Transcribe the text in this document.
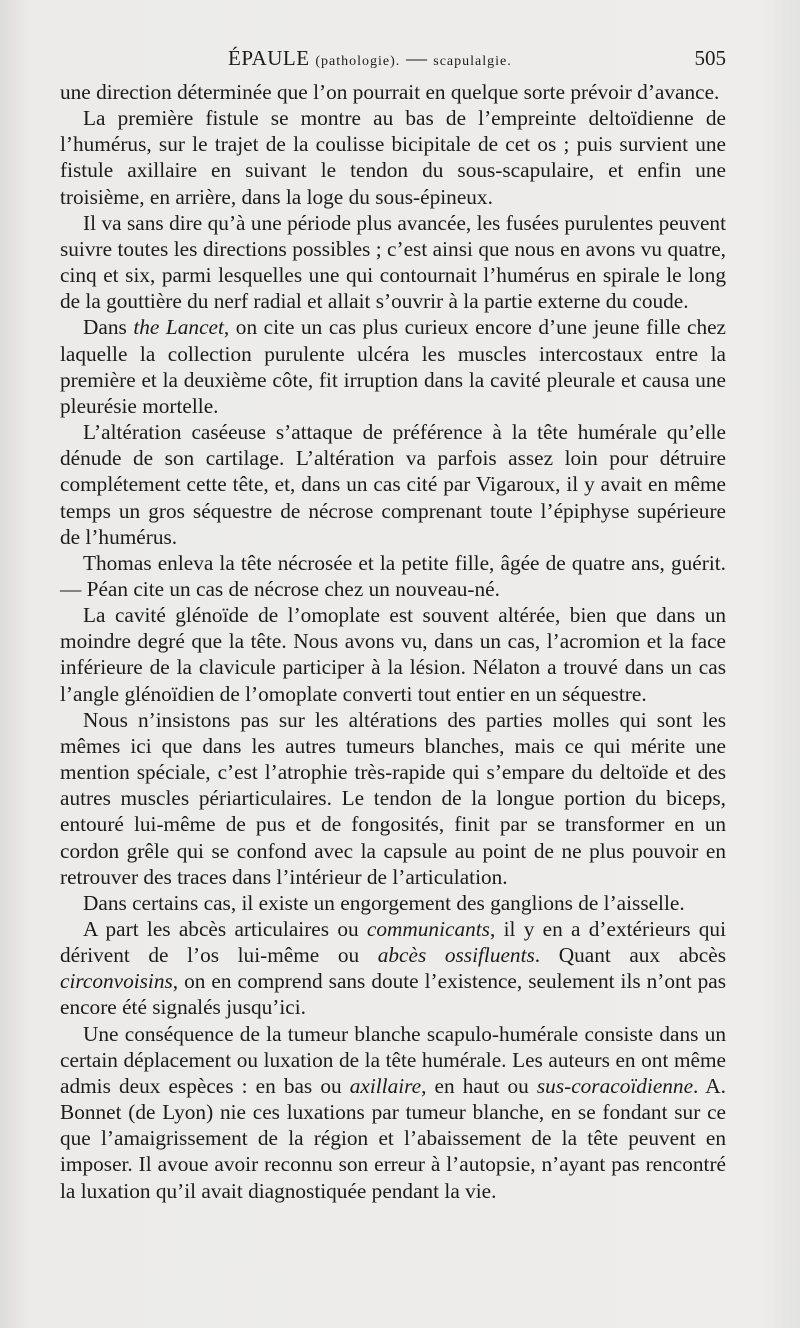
ÉPAULE (pathologie). — scapulalgie.	505

une direction déterminée que l’on pourrait en quelque sorte prévoir d’avance.

La première fistule se montre au bas de l’empreinte deltoïdienne de l’humérus, sur le trajet de la coulisse bicipitale de cet os ; puis survient une fistule axillaire en suivant le tendon du sous-scapulaire, et enfin une troisième, en arrière, dans la loge du sous-épineux.

Il va sans dire qu’à une période plus avancée, les fusées purulentes peuvent suivre toutes les directions possibles ; c’est ainsi que nous en avons vu quatre, cinq et six, parmi lesquelles une qui contournait l’humérus en spirale le long de la gouttière du nerf radial et allait s’ouvrir à la partie externe du coude.

Dans the Lancet, on cite un cas plus curieux encore d’une jeune fille chez laquelle la collection purulente ulcéra les muscles intercostaux entre la première et la deuxième côte, fit irruption dans la cavité pleurale et causa une pleurésie mortelle.

L’altération caséeuse s’attaque de préférence à la tête humérale qu’elle dénude de son cartilage. L’altération va parfois assez loin pour détruire complétement cette tête, et, dans un cas cité par Vigaroux, il y avait en même temps un gros séquestre de nécrose comprenant toute l’épiphyse supérieure de l’humérus.

Thomas enleva la tête nécrosée et la petite fille, âgée de quatre ans, guérit. — Péan cite un cas de nécrose chez un nouveau-né.

La cavité glénoïde de l’omoplate est souvent altérée, bien que dans un moindre degré que la tête. Nous avons vu, dans un cas, l’acromion et la face inférieure de la clavicule participer à la lésion. Nélaton a trouvé dans un cas l’angle glénoïdien de l’omoplate converti tout entier en un séquestre.

Nous n’insistons pas sur les altérations des parties molles qui sont les mêmes ici que dans les autres tumeurs blanches, mais ce qui mérite une mention spéciale, c’est l’atrophie très-rapide qui s’empare du deltoïde et des autres muscles périarticulaires. Le tendon de la longue portion du biceps, entouré lui-même de pus et de fongosités, finit par se transformer en un cordon grêle qui se confond avec la capsule au point de ne plus pouvoir en retrouver des traces dans l’intérieur de l’articulation.

Dans certains cas, il existe un engorgement des ganglions de l’aisselle.

A part les abcès articulaires ou communicants, il y en a d’extérieurs qui dérivent de l’os lui-même ou abcès ossifluents. Quant aux abcès circonvoisins, on en comprend sans doute l’existence, seulement ils n’ont pas encore été signalés jusqu’ici.

Une conséquence de la tumeur blanche scapulo-humérale consiste dans un certain déplacement ou luxation de la tête humérale. Les auteurs en ont même admis deux espèces : en bas ou axillaire, en haut ou sus-coracoïdienne. A. Bonnet (de Lyon) nie ces luxations par tumeur blanche, en se fondant sur ce que l’amaigrissement de la région et l’abaissement de la tête peuvent en imposer. Il avoue avoir reconnu son erreur à l’autopsie, n’ayant pas rencontré la luxation qu’il avait diagnostiquée pendant la vie.
